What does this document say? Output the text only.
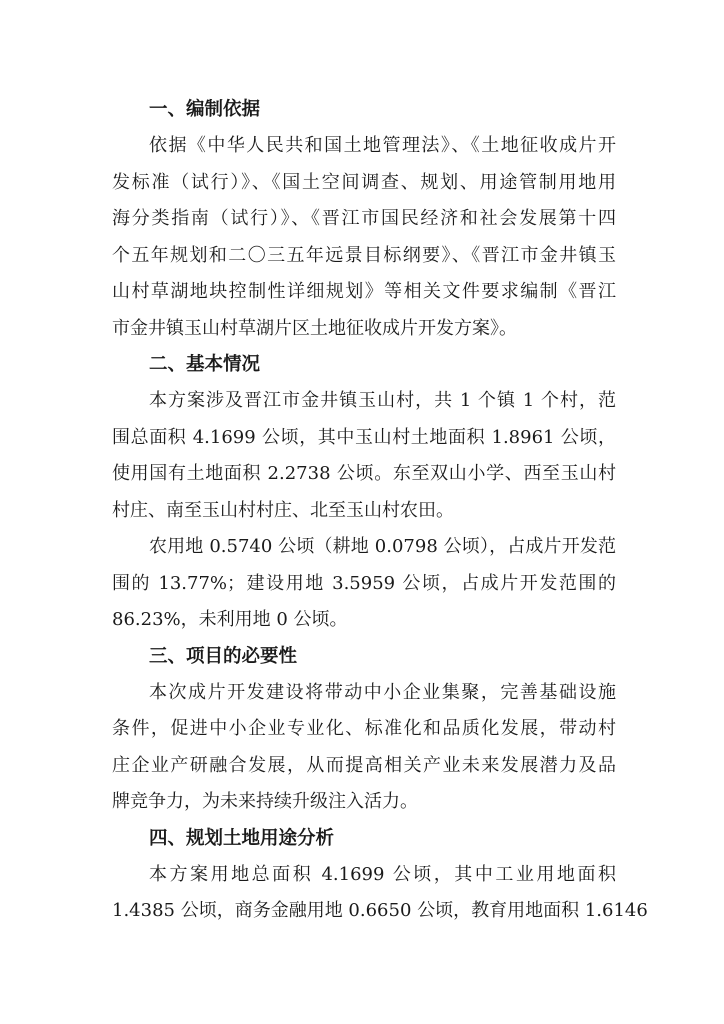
一、编制依据

依据《中华人民共和国土地管理法》、《土地征收成片开
发标准（试行）》、《国土空间调查、规划、用途管制用地用
海分类指南（试行）》、《晋江市国民经济和社会发展第十四
个五年规划和二〇三五年远景目标纲要》、《晋江市金井镇玉
山村草湖地块控制性详细规划》等相关文件要求编制《晋江
市金井镇玉山村草湖片区土地征收成片开发方案》。

二、基本情况

本方案涉及晋江市金井镇玉山村，共 1 个镇 1 个村，范
围总面积 4.1699 公顷，其中玉山村土地面积 1.8961 公顷，
使用国有土地面积 2.2738 公顷。东至双山小学、西至玉山村
村庄、南至玉山村村庄、北至玉山村农田。

农用地 0.5740 公顷（耕地 0.0798 公顷），占成片开发范
围的 13.77%；建设用地 3.5959 公顷，占成片开发范围的
86.23%，未利用地 0 公顷。

三、项目的必要性

本次成片开发建设将带动中小企业集聚，完善基础设施
条件，促进中小企业专业化、标准化和品质化发展，带动村
庄企业产研融合发展，从而提高相关产业未来发展潜力及品
牌竞争力，为未来持续升级注入活力。

四、规划土地用途分析

本方案用地总面积 4.1699 公顷，其中工业用地面积
1.4385 公顷，商务金融用地 0.6650 公顷，教育用地面积 1.6146
